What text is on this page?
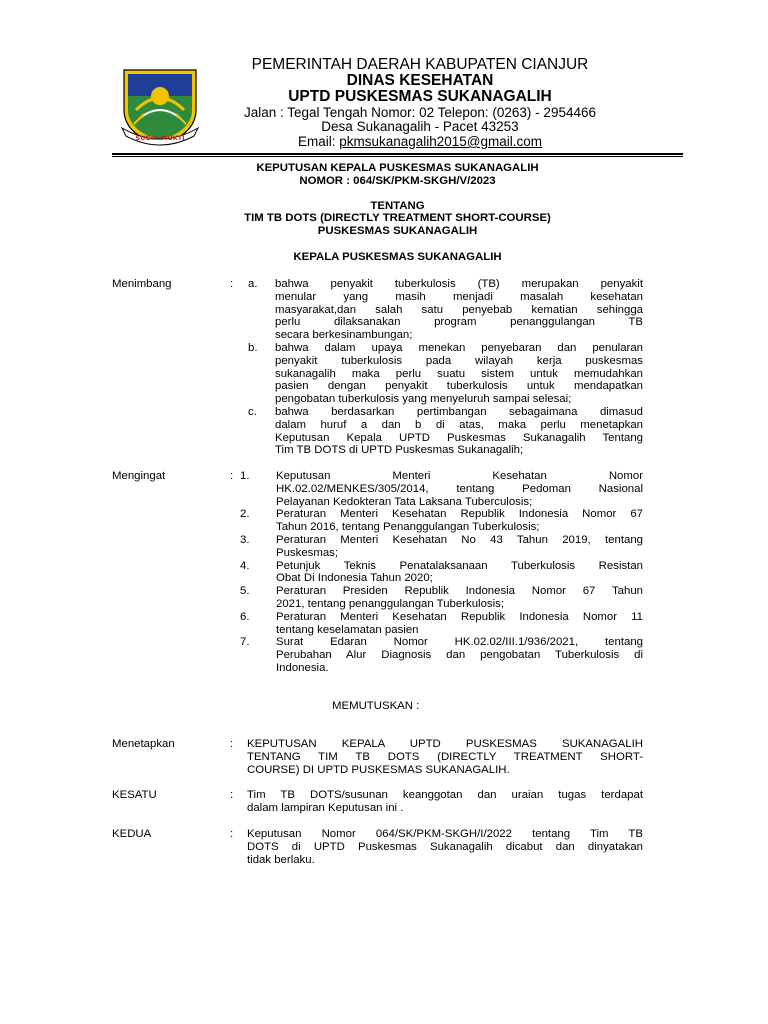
SUGIH MUKTI
PEMERINTAH DAERAH KABUPATEN CIANJUR
DINAS KESEHATAN
UPTD PUSKESMAS SUKANAGALIH
Jalan : Tegal Tengah Nomor: 02 Telepon: (0263) - 2954466
Desa Sukanagalih - Pacet 43253
Email: pkmsukanagalih2015@gmail.com
KEPUTUSAN KEPALA PUSKESMAS SUKANAGALIH
NOMOR : 064/SK/PKM-SKGH/V/2023
TENTANG
TIM TB DOTS (DIRECTLY TREATMENT SHORT-COURSE)
PUSKESMAS SUKANAGALIH
KEPALA PUSKESMAS SUKANAGALIH
Menimbang	: a. bahwa penyakit tuberkulosis (TB) merupakan penyakit
menular yang masih menjadi masalah kesehatan
masyarakat,dan salah satu penyebab kematian sehingga
perlu dilaksanakan program penanggulangan TB
secara berkesinambungan;
b. bahwa dalam upaya menekan penyebaran dan penularan
penyakit tuberkulosis pada wilayah kerja puskesmas
sukanagalih maka perlu suatu sistem untuk memudahkan
pasien dengan penyakit tuberkulosis untuk mendapatkan
pengobatan tuberkulosis yang menyeluruh sampai selesai;
c. bahwa berdasarkan pertimbangan sebagaimana dimasud
dalam huruf a dan b di atas, maka perlu menetapkan
Keputusan Kepala UPTD Puskesmas Sukanagalih Tentang
Tim TB DOTS di UPTD Puskesmas Sukanagalih;
Mengingat	: 1. Keputusan Menteri Kesehatan Nomor
HK.02.02/MENKES/305/2014, tentang Pedoman Nasional
Pelayanan Kedokteran Tata Laksana Tuberculosis;
2. Peraturan Menteri Kesehatan Republik Indonesia Nomor 67
Tahun 2016, tentang Penanggulangan Tuberkulosis;
3. Peraturan Menteri Kesehatan No 43 Tahun 2019, tentang
Puskesmas;
4. Petunjuk Teknis Penatalaksanaan Tuberkulosis Resistan
Obat Di Indonesia Tahun 2020;
5. Peraturan Presiden Republik Indonesia Nomor 67 Tahun
2021, tentang penanggulangan Tuberkulosis;
6. Peraturan Menteri Kesehatan Republik Indonesia Nomor 11
tentang keselamatan pasien
7. Surat Edaran Nomor HK.02.02/III.1/936/2021, tentang
Perubahan Alur Diagnosis dan pengobatan Tuberkulosis di
Indonesia.
MEMUTUSKAN :
Menetapkan	: KEPUTUSAN KEPALA UPTD PUSKESMAS SUKANAGALIH
TENTANG TIM TB DOTS (DIRECTLY TREATMENT SHORT-
COURSE) DI UPTD PUSKESMAS SUKANAGALIH.
KESATU	: Tim TB DOTS/susunan keanggotan dan uraian tugas terdapat
dalam lampiran Keputusan ini .
KEDUA	: Keputusan Nomor 064/SK/PKM-SKGH/I/2022 tentang Tim TB
DOTS di UPTD Puskesmas Sukanagalih dicabut dan dinyatakan
tidak berlaku.
